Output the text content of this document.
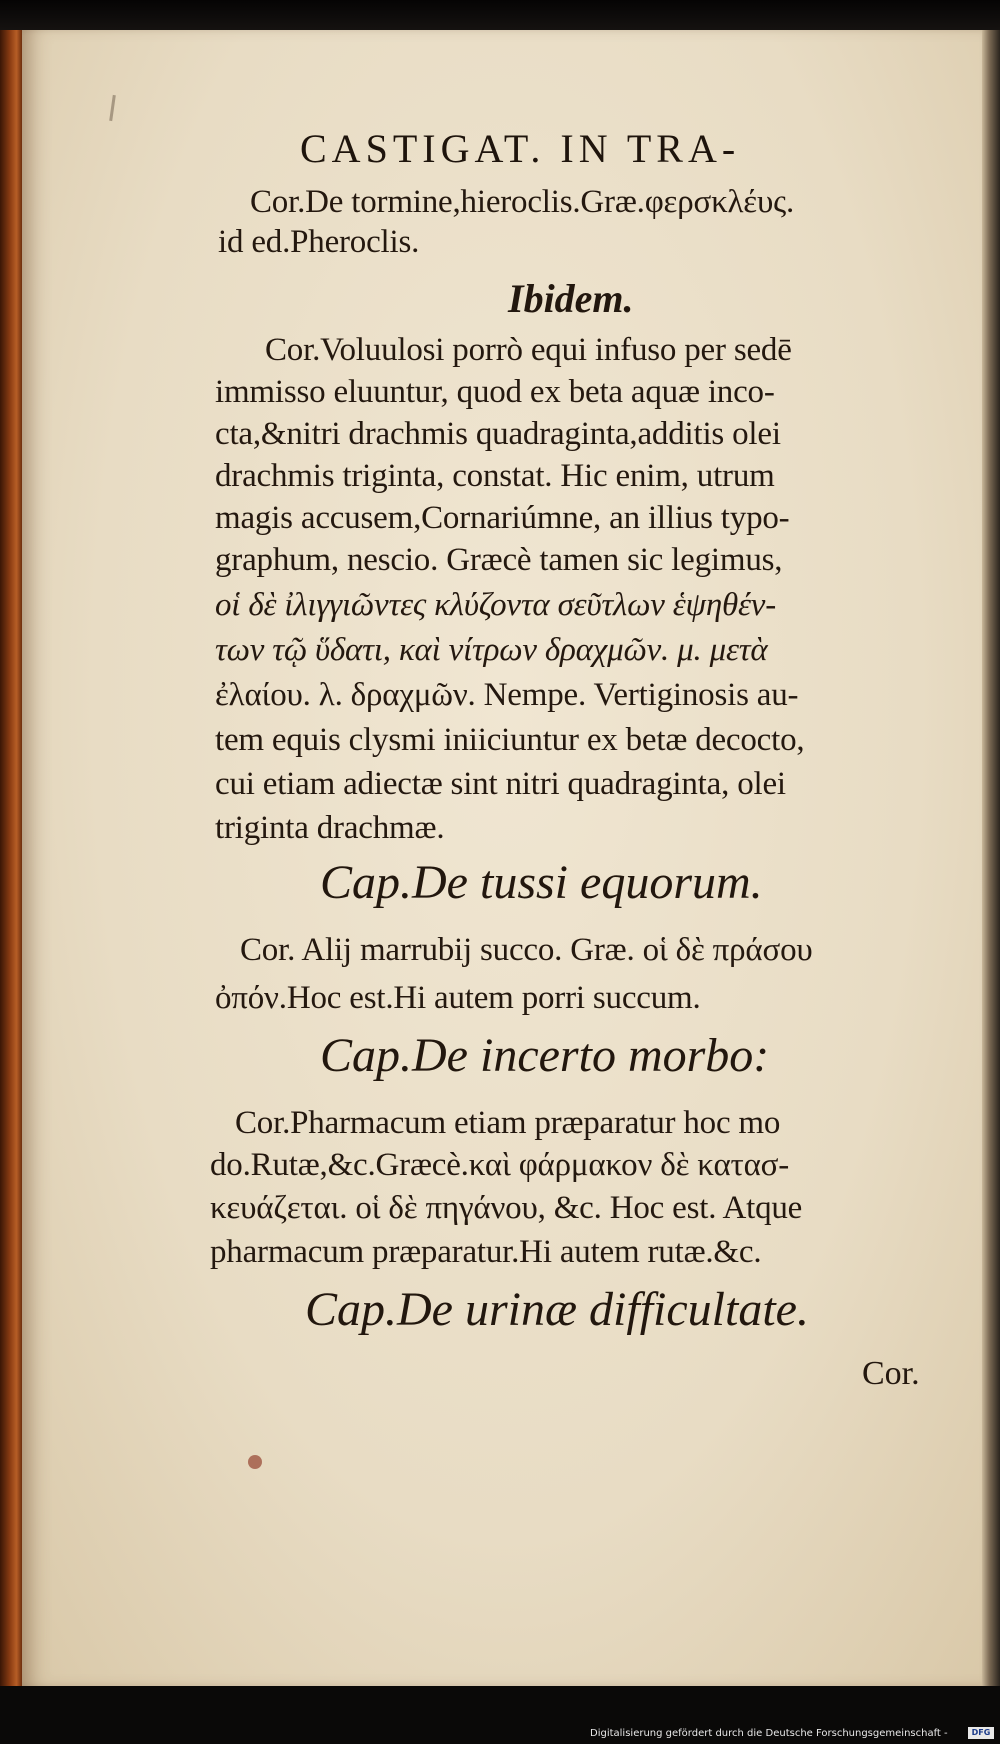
CASTIGAT. IN TRA-

Cor.De tormine,hieroclis.Græ.φερσκλέυς.

id ed.Pheroclis.

Ibidem.

Cor.Voluulosi porrò equi infuso per sedē

immisso eluuntur, quod ex beta aquæ inco-

cta,&nitri drachmis quadraginta,additis olei

drachmis triginta, constat. Hic enim, utrum

magis accusem,Cornariúmne, an illius typo-

graphum, nescio. Græcè tamen sic legimus,

οἱ δὲ ἰλιγγιῶντες κλύζοντα σεῦτλων ἑψηθέν-

των τῷ ὕδατι, καὶ νίτρων δραχμῶν. μ. μετὰ

ἐλαίου. λ. δραχμῶν. Nempe. Vertiginosis au-

tem equis clysmi iniiciuntur ex betæ decocto,

cui etiam adiectæ sint nitri quadraginta, olei

triginta drachmæ.

Cap.De tussi equorum.

Cor. Alij marrubij succo. Græ. οἱ δὲ πράσου

ὀπόν.Hoc est.Hi autem porri succum.

Cap.De incerto morbo:

Cor.Pharmacum etiam præparatur hoc mo

do.Rutæ,&c.Græcè.καὶ φάρμακον δὲ κατασ-

κευάζεται. οἱ δὲ πηγάνου, &c. Hoc est. Atque

pharmacum præparatur.Hi autem rutæ.&c.

Cap.De urinæ difficultate.

Cor.

Digitalisierung gefördert durch die Deutsche Forschungsgemeinschaft -	DFG
